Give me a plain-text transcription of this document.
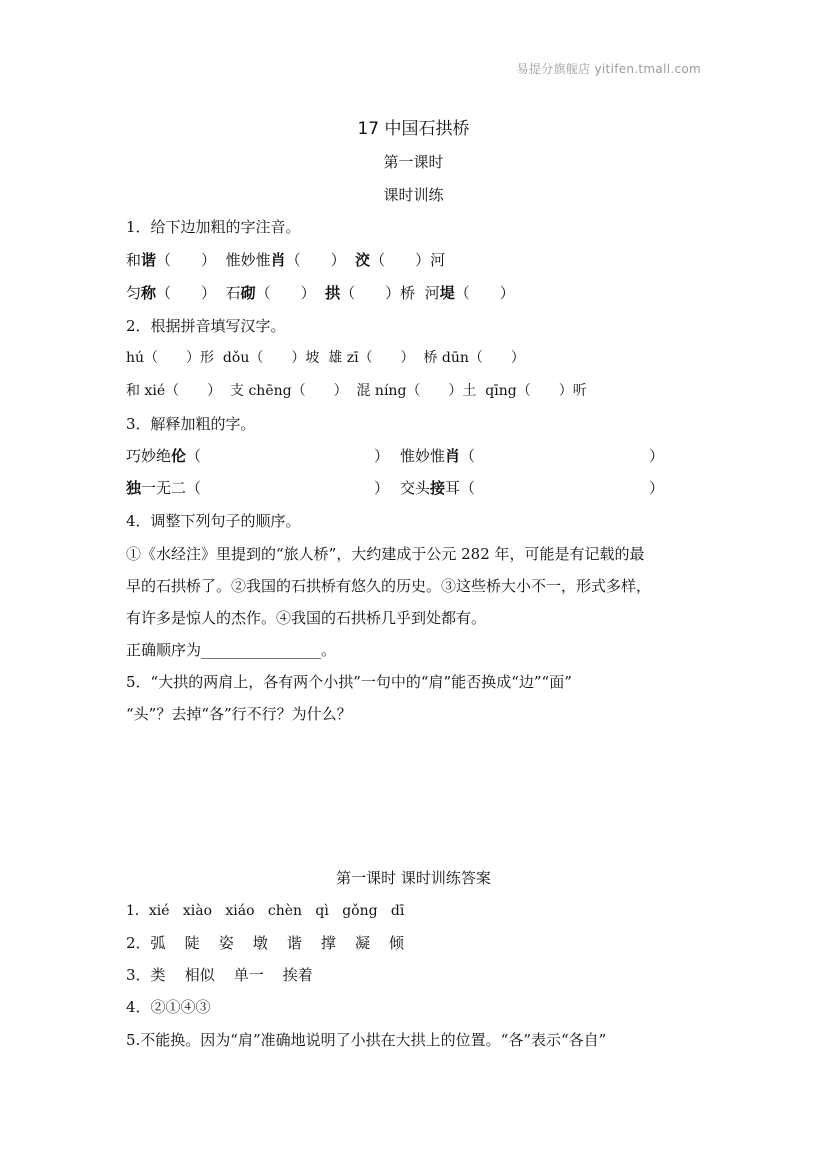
易提分旗舰店 yitifen.tmall.com
17 中国石拱桥
第一课时
课时训练
1．给下边加粗的字注音。
和谐（　　）  惟妙惟肖（　　）  洨（　　）河
匀称（　　）  石砌（　　）  拱（　　）桥  河堤（　　）
2．根据拼音填写汉字。
hú（　　）形  dǒu（　　）坡  雄 zī（　　）  桥 dūn（　　）
和 xié（　　）  支 chēng（　　）  混 níng（　　）土  qīng（　　）听
3．解释加粗的字。
巧妙绝伦（	） 惟妙惟肖（	）
独一无二（	） 交头接耳（	）
4．调整下列句子的顺序。
①《水经注》里提到的“旅人桥”，大约建成于公元 282 年，可能是有记载的最
早的石拱桥了。②我国的石拱桥有悠久的历史。③这些桥大小不一，形式多样，
有许多是惊人的杰作。④我国的石拱桥几乎到处都有。
正确顺序为________________。
5．“大拱的两肩上，各有两个小拱”一句中的“肩”能否换成“边”“面”
“头”？去掉“各”行不行？为什么？
第一课时 课时训练答案
1．xié   xiào   xiáo   chèn   qì   gǒng   dī
2．弧    陡    姿    墩    谐    撑    凝    倾
3．类    相似    单一    挨着
4．②①④③
5.不能换。因为“肩”准确地说明了小拱在大拱上的位置。“各”表示“各自”
